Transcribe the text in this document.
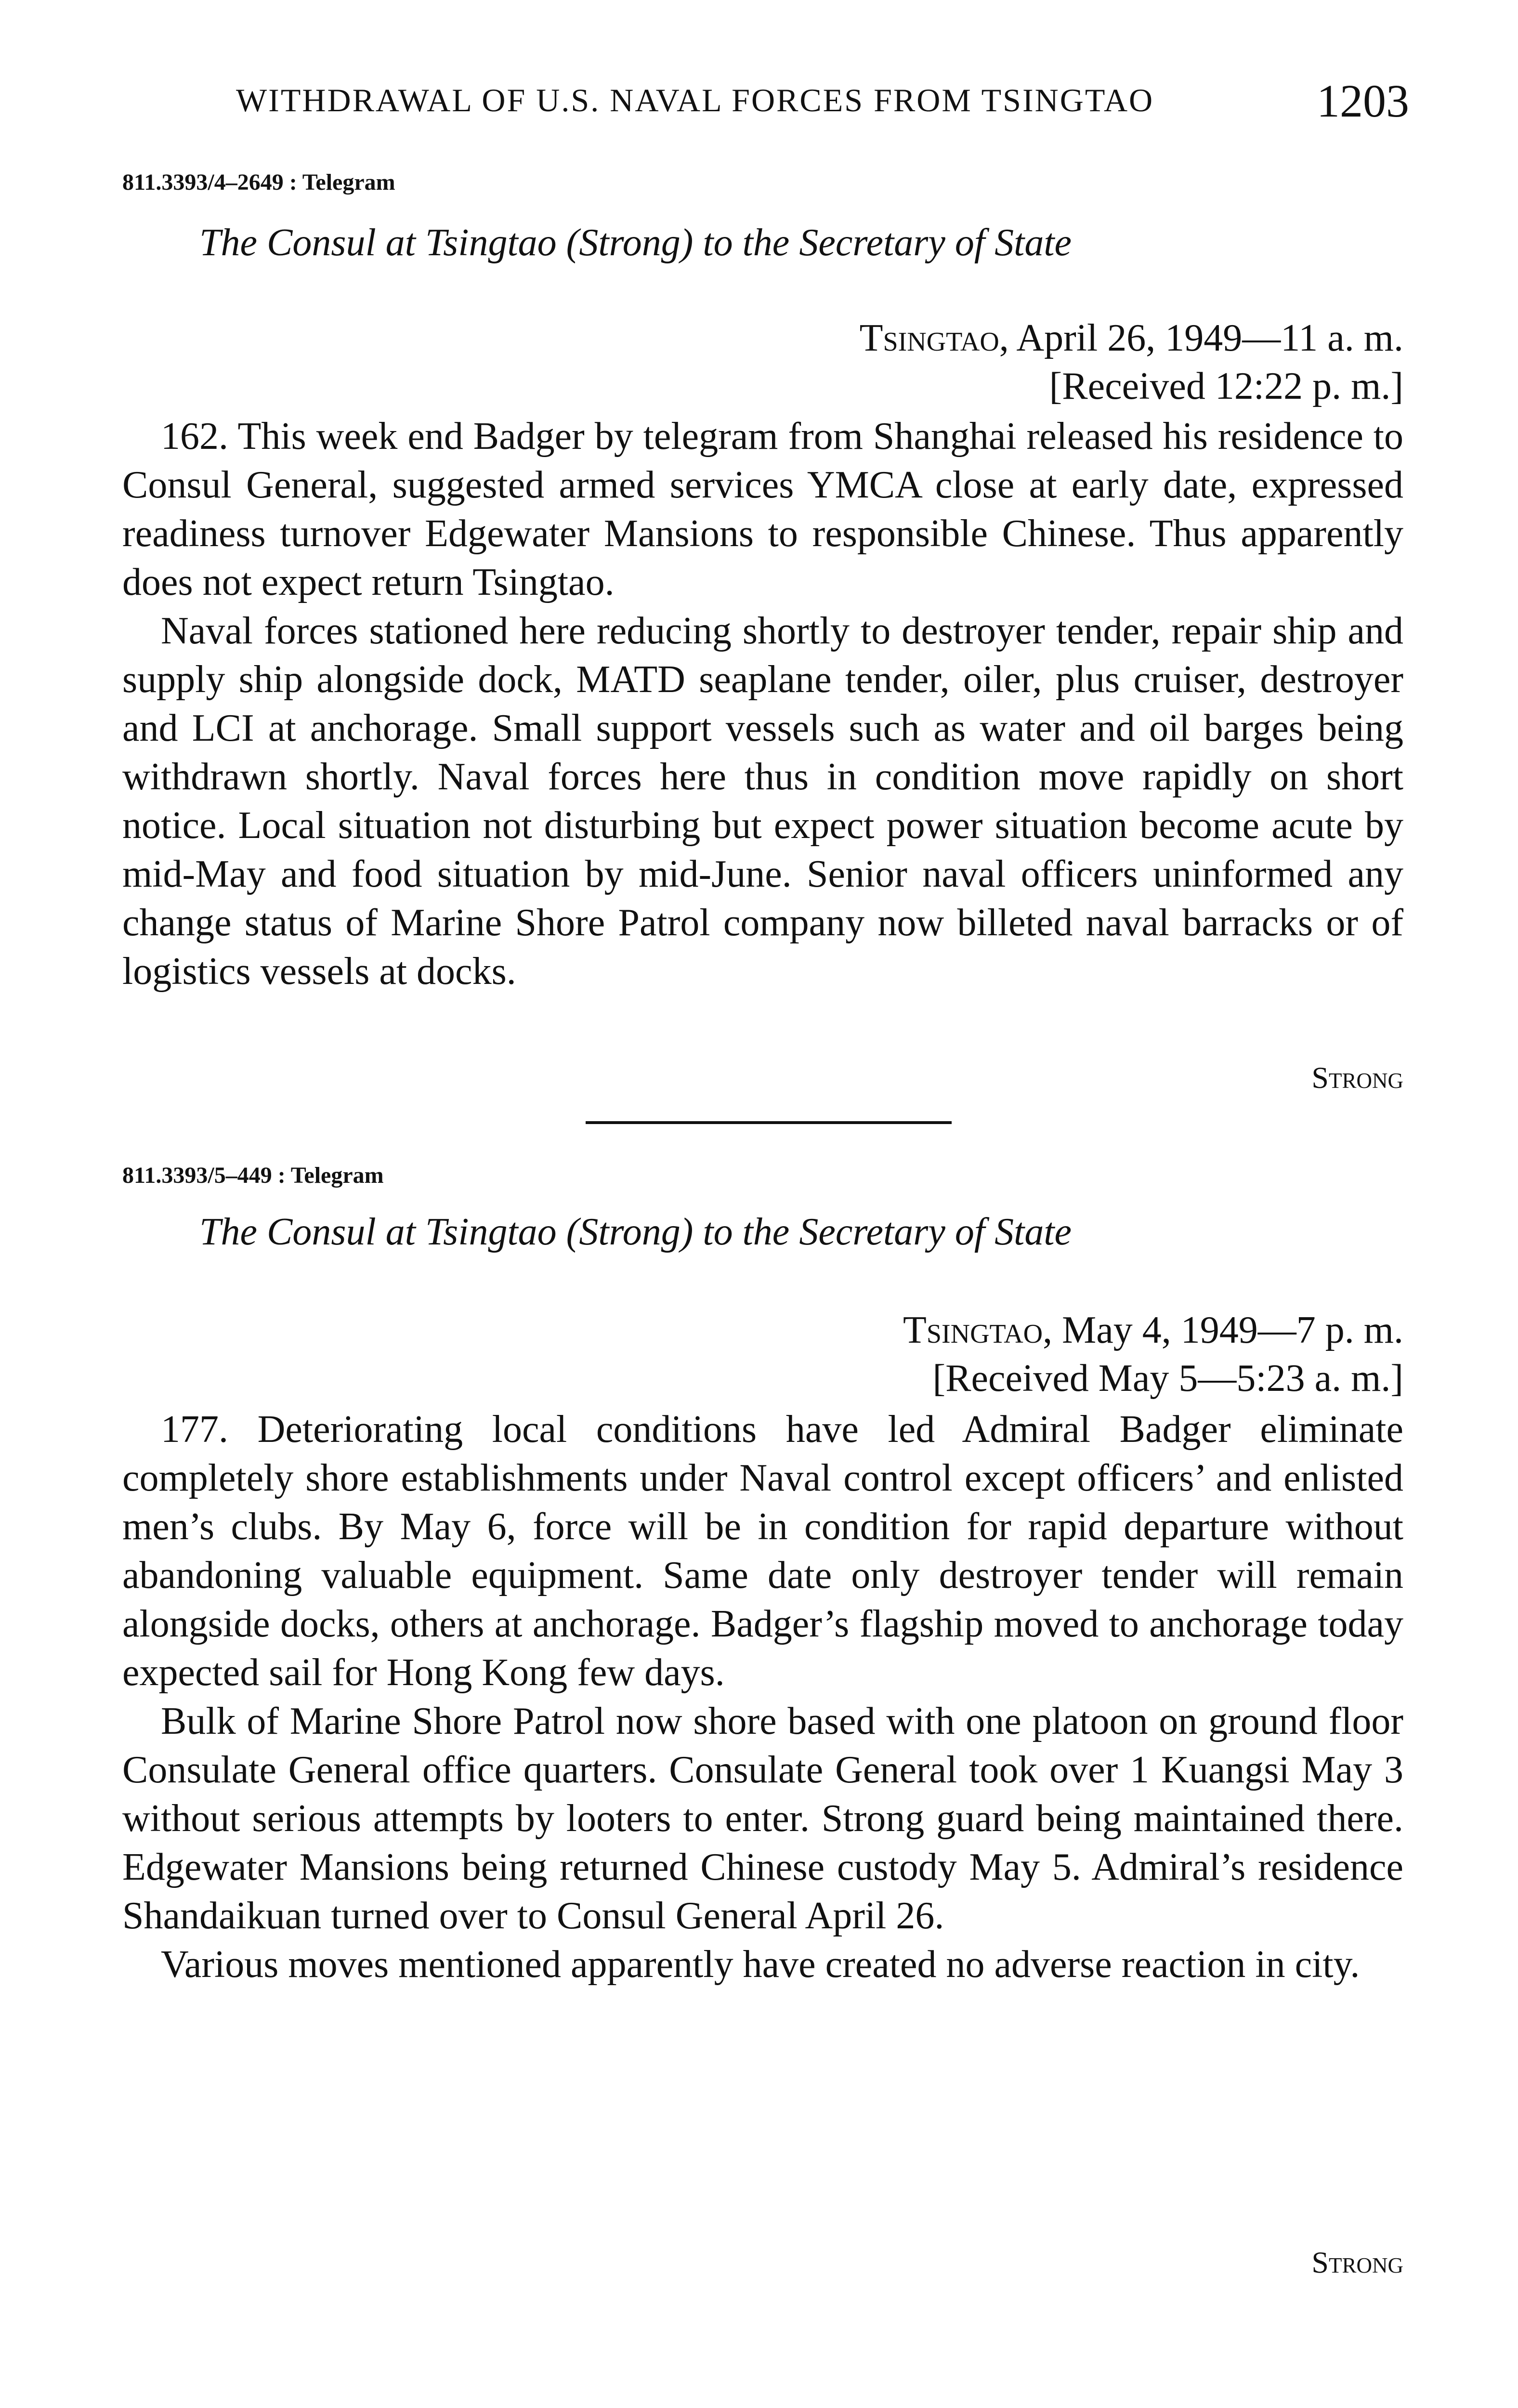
WITHDRAWAL OF U.S. NAVAL FORCES FROM TSINGTAO	1203

811.3393/4–2649 : Telegram

The Consul at Tsingtao (Strong) to the Secretary of State

Tsingtao, April 26, 1949—11 a. m.

[Received 12:22 p. m.]

162. This week end Badger by telegram from Shanghai released his residence to Consul General, suggested armed services YMCA close at early date, expressed readiness turnover Edgewater Mansions to responsible Chinese. Thus apparently does not expect return Tsingtao.

Naval forces stationed here reducing shortly to destroyer tender, repair ship and supply ship alongside dock, MATD seaplane tender, oiler, plus cruiser, destroyer and LCI at anchorage. Small support vessels such as water and oil barges being withdrawn shortly. Naval forces here thus in condition move rapidly on short notice. Local situation not disturbing but expect power situation become acute by mid-May and food situation by mid-June. Senior naval officers uninformed any change status of Marine Shore Patrol company now billeted naval barracks or of logistics vessels at docks.

Strong

811.3393/5–449 : Telegram

The Consul at Tsingtao (Strong) to the Secretary of State

Tsingtao, May 4, 1949—7 p. m.

[Received May 5—5:23 a. m.]

177. Deteriorating local conditions have led Admiral Badger eliminate completely shore establishments under Naval control except officers’ and enlisted men’s clubs. By May 6, force will be in condition for rapid departure without abandoning valuable equipment. Same date only destroyer tender will remain alongside docks, others at anchorage. Badger’s flagship moved to anchorage today expected sail for Hong Kong few days.

Bulk of Marine Shore Patrol now shore based with one platoon on ground floor Consulate General office quarters. Consulate General took over 1 Kuangsi May 3 without serious attempts by looters to enter. Strong guard being maintained there. Edgewater Mansions being returned Chinese custody May 5. Admiral’s residence Shandaikuan turned over to Consul General April 26.

Various moves mentioned apparently have created no adverse reaction in city.

Strong
